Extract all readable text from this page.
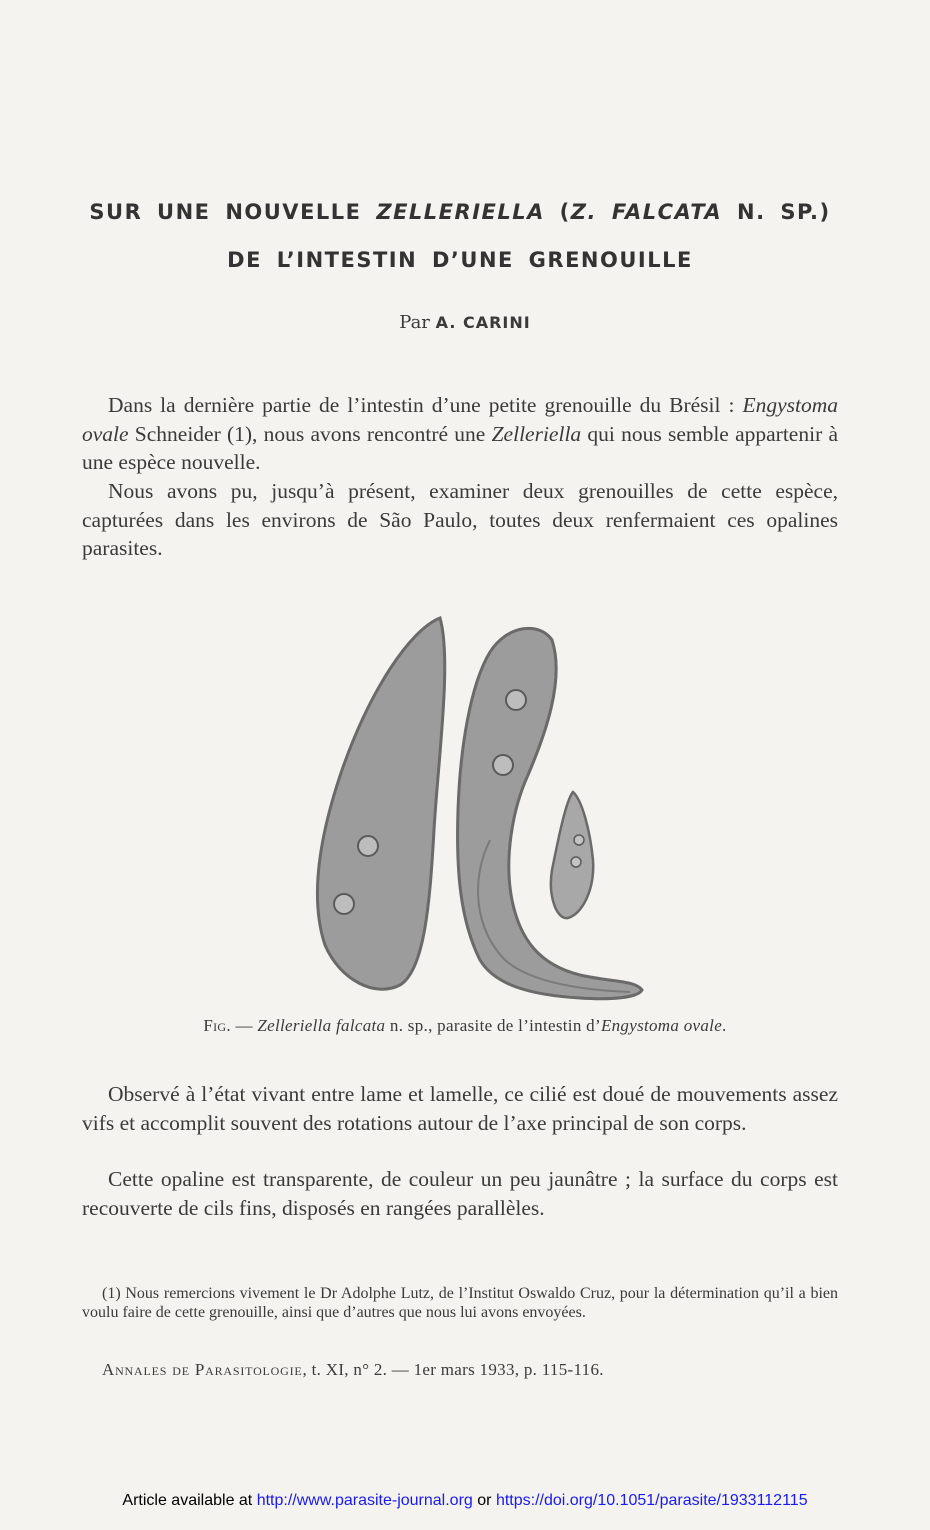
SUR UNE NOUVELLE ZELLERIELLA (Z. FALCATA N. SP.)
DE L’INTESTIN D’UNE GRENOUILLE
Par A. CARINI

Dans la dernière partie de l’intestin d’une petite grenouille du Brésil : Engystoma ovale Schneider (1), nous avons rencontré une Zelleriella qui nous semble appartenir à une espèce nouvelle.

Nous avons pu, jusqu’à présent, examiner deux grenouilles de cette espèce, capturées dans les environs de São Paulo, toutes deux renfermaient ces opalines parasites.

Fig. — Zelleriella falcata n. sp., parasite de l’intestin d’Engystoma ovale.

Observé à l’état vivant entre lame et lamelle, ce cilié est doué de mouvements assez vifs et accomplit souvent des rotations autour de l’axe principal de son corps.

Cette opaline est transparente, de couleur un peu jaunâtre ; la surface du corps est recouverte de cils fins, disposés en rangées parallèles.

(1) Nous remercions vivement le Dr Adolphe Lutz, de l’Institut Oswaldo Cruz, pour la détermination qu’il a bien voulu faire de cette grenouille, ainsi que d’autres que nous lui avons envoyées.

Annales de Parasitologie, t. XI, n° 2. — 1er mars 1933, p. 115-116.
Article available at http://www.parasite-journal.org or https://doi.org/10.1051/parasite/1933112115
